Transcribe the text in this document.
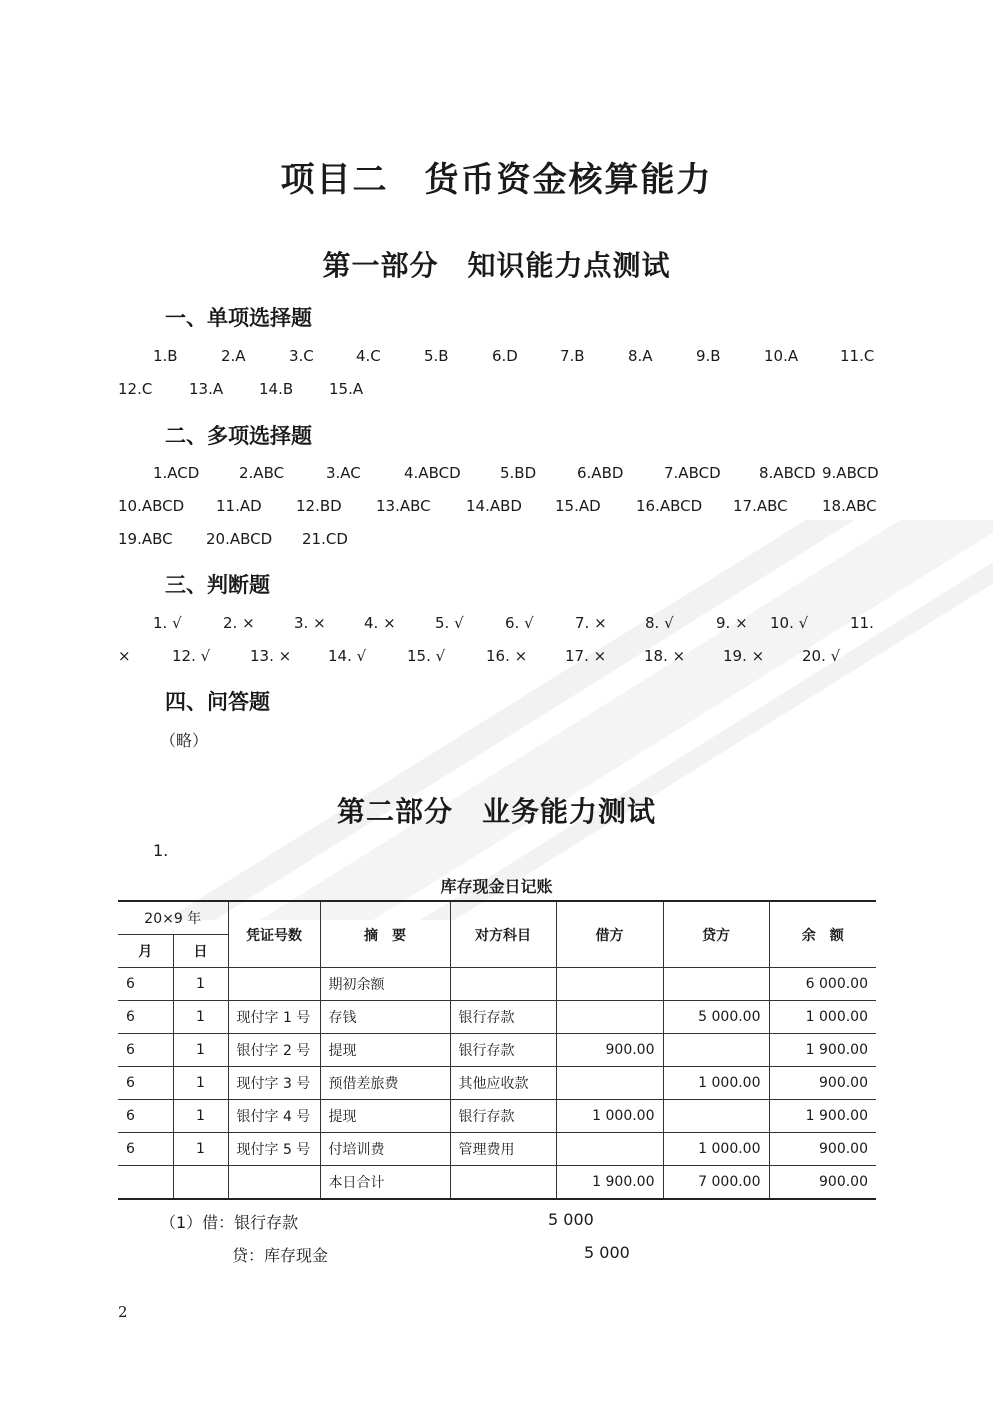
项目二　货币资金核算能力
第一部分　知识能力点测试
一、单项选择题
1.B	2.A	3.C	4.C	5.B	6.D	7.B	8.A	9.B	10.A	11.C
12.C 13.A 14.B 15.A
二、多项选择题
1.ACD	2.ABC	3.AC	4.ABCD	5.BD	6.ABD	7.ABCD	8.ABCD 9.ABCD
10.ABCD 11.AD 12.BD 13.ABC 14.ABD 15.AD 16.ABCD 17.ABC 18.ABC
19.ABC 20.ABCD 21.CD
三、判断题
1. √	2. ×	3. ×	4. ×	5. √	6. √	7. ×	8. √	9. × 10. √	11.
×	12. √	13. × 14. √	15. √	16. ×	17. ×	18. ×	19. ×	20. √
四、问答题
（略）
第二部分　业务能力测试
1.
库存现金日记账
20×9 年		凭证号数	摘　要	对方科目	借方	贷方	余　额
月	日						
6	1		期初余额				6 000.00
6	1	现付字 1 号	存钱	银行存款		5 000.00	1 000.00
6	1	银付字 2 号	提现	银行存款	900.00		1 900.00
6	1	现付字 3 号	预借差旅费	其他应收款		1 000.00	900.00
6	1	银付字 4 号	提现	银行存款	1 000.00		1 900.00
6	1	现付字 5 号	付培训费	管理费用		1 000.00	900.00
			本日合计		1 900.00	7 000.00	900.00
（1）借：银行存款	5 000
贷：库存现金	5 000
2
